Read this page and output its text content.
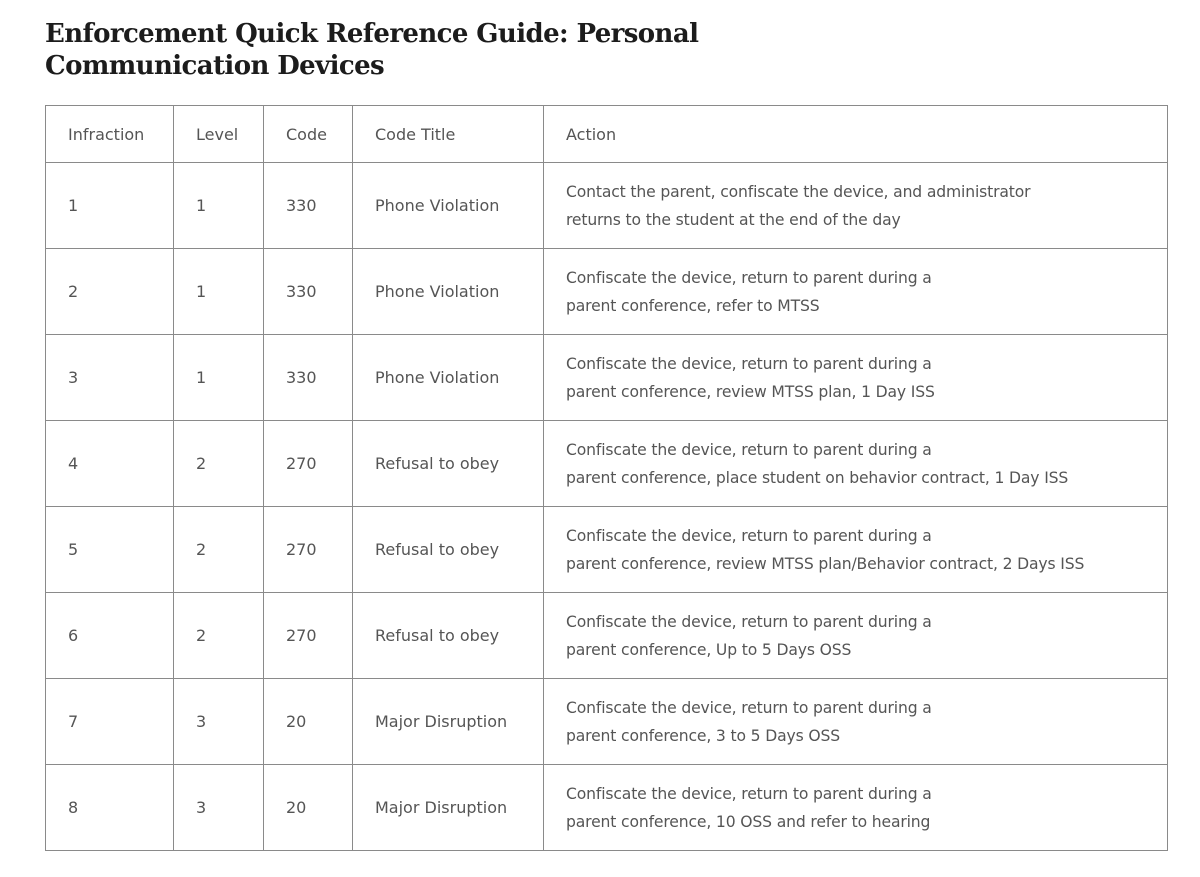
Enforcement Quick Reference Guide: Personal
Communication Devices
Infraction	Level	Code	Code Title	Action
1	1	330	Phone Violation	Contact the parent, confiscate the device, and administrator
returns to the student at the end of the day

2	1	330	Phone Violation	Confiscate the device, return to parent during a
parent conference, refer to MTSS

3	1	330	Phone Violation	Confiscate the device, return to parent during a
parent conference, review MTSS plan, 1 Day ISS

4	2	270	Refusal to obey	Confiscate the device, return to parent during a
parent conference, place student on behavior contract, 1 Day ISS

5	2	270	Refusal to obey	Confiscate the device, return to parent during a
parent conference, review MTSS plan/Behavior contract, 2 Days ISS

6	2	270	Refusal to obey	Confiscate the device, return to parent during a
parent conference, Up to 5 Days OSS

7	3	20	Major Disruption	Confiscate the device, return to parent during a
parent conference, 3 to 5 Days OSS

8	3	20	Major Disruption	Confiscate the device, return to parent during a
parent conference, 10 OSS and refer to hearing
